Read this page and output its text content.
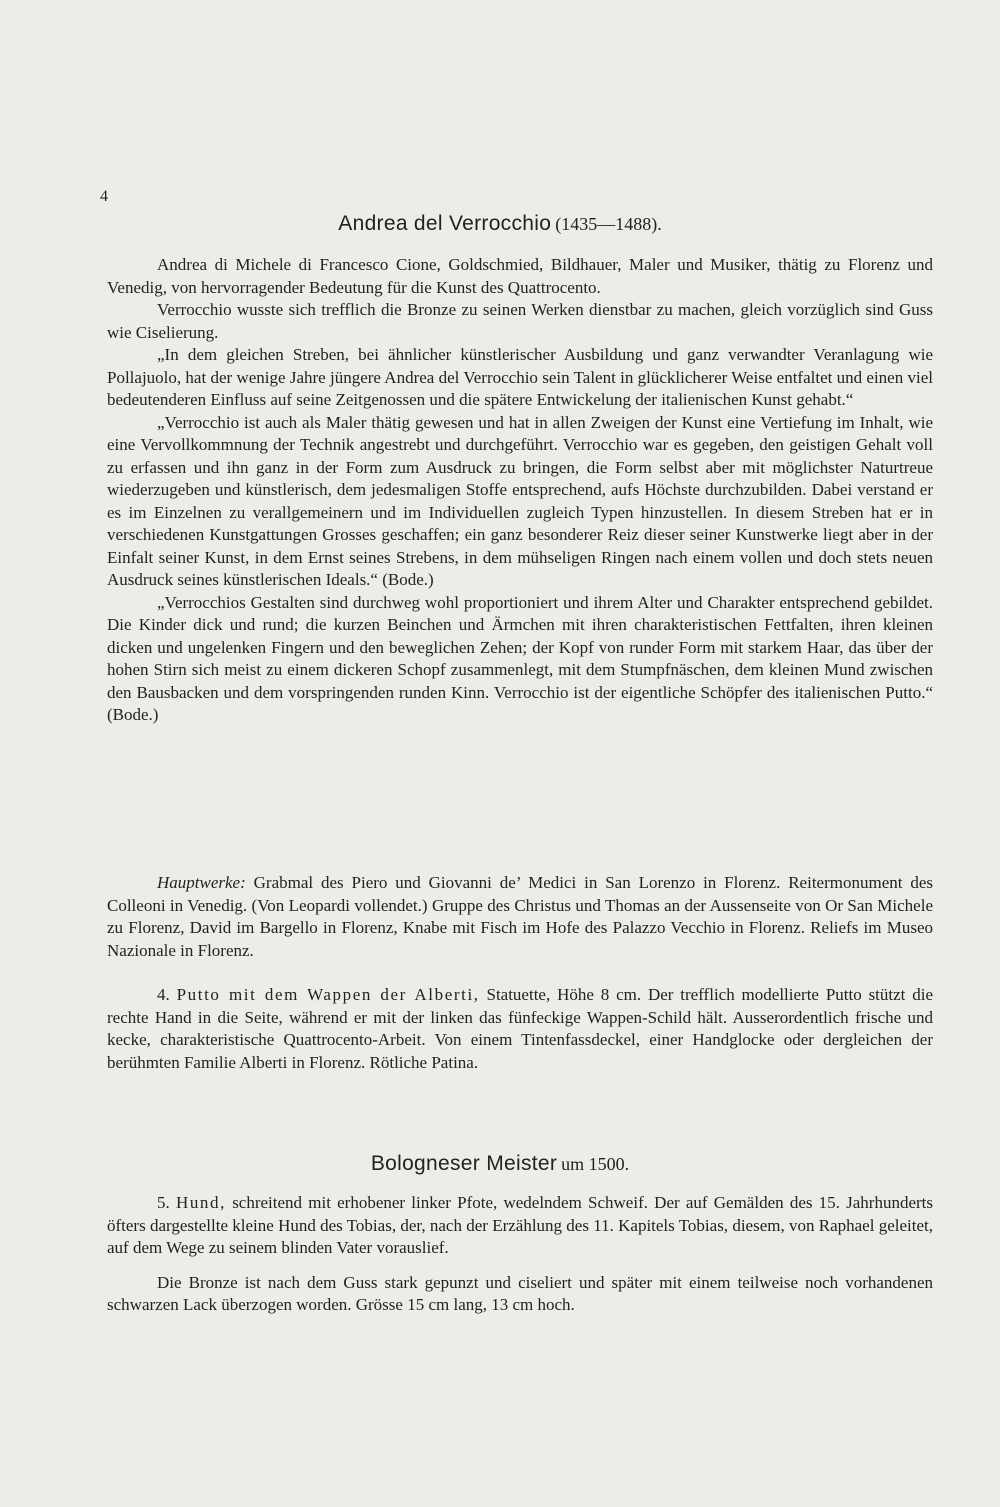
4
Andrea del Verrocchio (1435—1488).

Andrea di Michele di Francesco Cione, Goldschmied, Bildhauer, Maler und Musiker, thätig zu Florenz und Venedig, von hervorragender Bedeutung für die Kunst des Quattrocento.

Verrocchio wusste sich trefflich die Bronze zu seinen Werken dienstbar zu machen, gleich vorzüglich sind Guss wie Ciselierung.

„In dem gleichen Streben, bei ähnlicher künstlerischer Ausbildung und ganz verwandter Veranlagung wie Pollajuolo, hat der wenige Jahre jüngere Andrea del Verrocchio sein Talent in glücklicherer Weise entfaltet und einen viel bedeutenderen Einfluss auf seine Zeitgenossen und die spätere Entwickelung der italienischen Kunst gehabt.“

„Verrocchio ist auch als Maler thätig gewesen und hat in allen Zweigen der Kunst eine Vertiefung im Inhalt, wie eine Vervollkommnung der Technik angestrebt und durchgeführt. Verrocchio war es gegeben, den geistigen Gehalt voll zu erfassen und ihn ganz in der Form zum Ausdruck zu bringen, die Form selbst aber mit möglichster Naturtreue wiederzugeben und künstlerisch, dem jedesmaligen Stoffe entsprechend, aufs Höchste durchzubilden. Dabei verstand er es im Einzelnen zu verallgemeinern und im Individuellen zugleich Typen hinzustellen. In diesem Streben hat er in verschiedenen Kunstgattungen Grosses geschaffen; ein ganz besonderer Reiz dieser seiner Kunstwerke liegt aber in der Einfalt seiner Kunst, in dem Ernst seines Strebens, in dem mühseligen Ringen nach einem vollen und doch stets neuen Ausdruck seines künstlerischen Ideals.“ (Bode.)

„Verrocchios Gestalten sind durchweg wohl proportioniert und ihrem Alter und Charakter entsprechend gebildet. Die Kinder dick und rund; die kurzen Beinchen und Ärmchen mit ihren charakteristischen Fettfalten, ihren kleinen dicken und ungelenken Fingern und den beweglichen Zehen; der Kopf von runder Form mit starkem Haar, das über der hohen Stirn sich meist zu einem dickeren Schopf zusammenlegt, mit dem Stumpfnäschen, dem kleinen Mund zwischen den Bausbacken und dem vorspringenden runden Kinn. Verrocchio ist der eigentliche Schöpfer des italienischen Putto.“ (Bode.)

Hauptwerke: Grabmal des Piero und Giovanni de’ Medici in San Lorenzo in Florenz. Reitermonument des Colleoni in Venedig. (Von Leopardi vollendet.) Gruppe des Christus und Thomas an der Aussenseite von Or San Michele zu Florenz, David im Bargello in Florenz, Knabe mit Fisch im Hofe des Palazzo Vecchio in Florenz. Reliefs im Museo Nazionale in Florenz.

4. Putto mit dem Wappen der Alberti, Statuette, Höhe 8 cm. Der trefflich modellierte Putto stützt die rechte Hand in die Seite, während er mit der linken das fünfeckige Wappen-Schild hält. Ausserordentlich frische und kecke, charakteristische Quattrocento-Arbeit. Von einem Tintenfassdeckel, einer Handglocke oder dergleichen der berühmten Familie Alberti in Florenz. Rötliche Patina.

Bologneser Meister um 1500.

5. Hund, schreitend mit erhobener linker Pfote, wedelndem Schweif. Der auf Gemälden des 15. Jahrhunderts öfters dargestellte kleine Hund des Tobias, der, nach der Erzählung des 11. Kapitels Tobias, diesem, von Raphael geleitet, auf dem Wege zu seinem blinden Vater vorauslief.

Die Bronze ist nach dem Guss stark gepunzt und ciseliert und später mit einem teilweise noch vorhandenen schwarzen Lack überzogen worden. Grösse 15 cm lang, 13 cm hoch.
